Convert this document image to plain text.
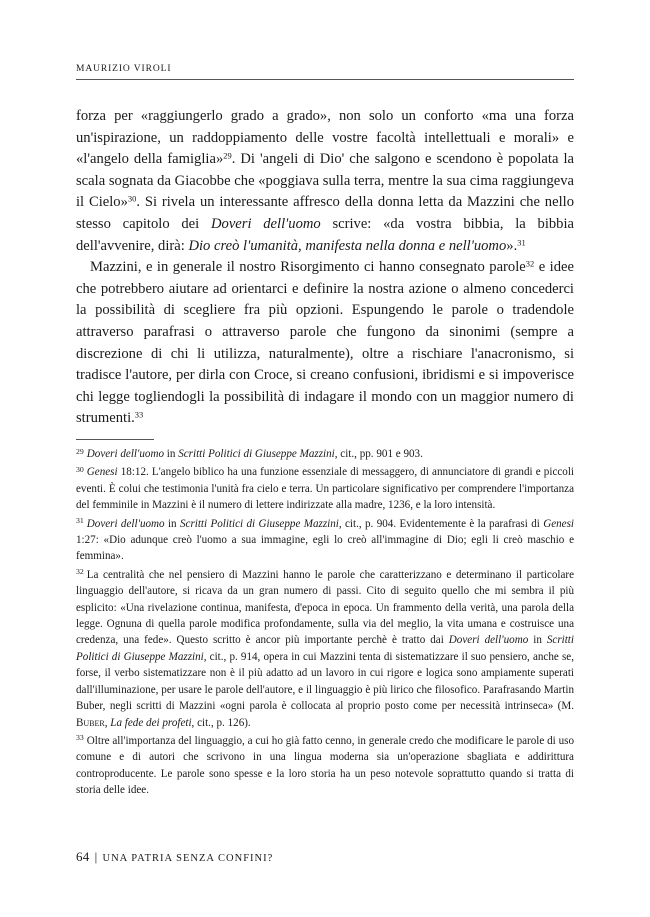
MAURIZIO VIROLI

forza per «raggiungerlo grado a grado», non solo un conforto «ma una forza un'ispirazione, un raddoppiamento delle vostre facoltà intellettuali e morali» e «l'angelo della famiglia»$^{29}$. Di 'angeli di Dio' che salgono e scendono è popolata la scala sognata da Giacobbe che «poggiava sulla terra, mentre la sua cima raggiungeva il Cielo»$^{30}$. Si rivela un interessante affresco della donna letta da Mazzini che nello stesso capitolo dei Doveri dell'uomo scrive: «da vostra bibbia, la bibbia dell'avvenire, dirà: Dio creò l'umanità, manifesta nella donna e nell'uomo».$^{31}$

Mazzini, e in generale il nostro Risorgimento ci hanno consegnato parole$^{32}$ e idee che potrebbero aiutare ad orientarci e definire la nostra azione o almeno concederci la possibilità di scegliere fra più opzioni. Espungendo le parole o tradendole attraverso parafrasi o attraverso parole che fungono da sinonimi (sempre a discrezione di chi li utilizza, naturalmente), oltre a rischiare l'anacronismo, si tradisce l'autore, per dirla con Croce, si creano confusioni, ibridismi e si impoverisce chi legge togliendogli la possibilità di indagare il mondo con un maggior numero di strumenti.$^{33}$

$^{29}$ Doveri dell'uomo in Scritti Politici di Giuseppe Mazzini, cit., pp. 901 e 903.

$^{30}$ Genesi 18:12. L'angelo biblico ha una funzione essenziale di messaggero, di annunciatore di grandi e piccoli eventi. È colui che testimonia l'unità fra cielo e terra. Un particolare significativo per comprendere l'importanza del femminile in Mazzini è il numero di lettere indirizzate alla madre, 1236, e la loro intensità.

$^{31}$ Doveri dell'uomo in Scritti Politici di Giuseppe Mazzini, cit., p. 904. Evidentemente è la parafrasi di Genesi 1:27: «Dio adunque creò l'uomo a sua immagine, egli lo creò all'immagine di Dio; egli li creò maschio e femmina».

$^{32}$ La centralità che nel pensiero di Mazzini hanno le parole che caratterizzano e determinano il particolare linguaggio dell'autore, si ricava da un gran numero di passi. Cito di seguito quello che mi sembra il più esplicito: «Una rivelazione continua, manifesta, d'epoca in epoca. Un frammento della verità, una parola della legge. Ognuna di quella parole modifica profondamente, sulla via del meglio, la vita umana e costruisce una credenza, una fede». Questo scritto è ancor più importante perchè è tratto dai Doveri dell'uomo in Scritti Politici di Giuseppe Mazzini, cit., p. 914, opera in cui Mazzini tenta di sistematizzare il suo pensiero, anche se, forse, il verbo sistematizzare non è il più adatto ad un lavoro in cui rigore e logica sono ampiamente superati dall'illuminazione, per usare le parole dell'autore, e il linguaggio è più lirico che filosofico. Parafrasando Martin Buber, negli scritti di Mazzini «ogni parola è collocata al proprio posto come per necessità intrinseca» (M. Buber, La fede dei profeti, cit., p. 126).

$^{33}$ Oltre all'importanza del linguaggio, a cui ho già fatto cenno, in generale credo che modificare le parole di uso comune e di autori che scrivono in una lingua moderna sia un'operazione sbagliata e addirittura controproducente. Le parole sono spesse e la loro storia ha un peso notevole soprattutto quando si tratta di storia delle idee.

64 | UNA PATRIA SENZA CONFINI?
